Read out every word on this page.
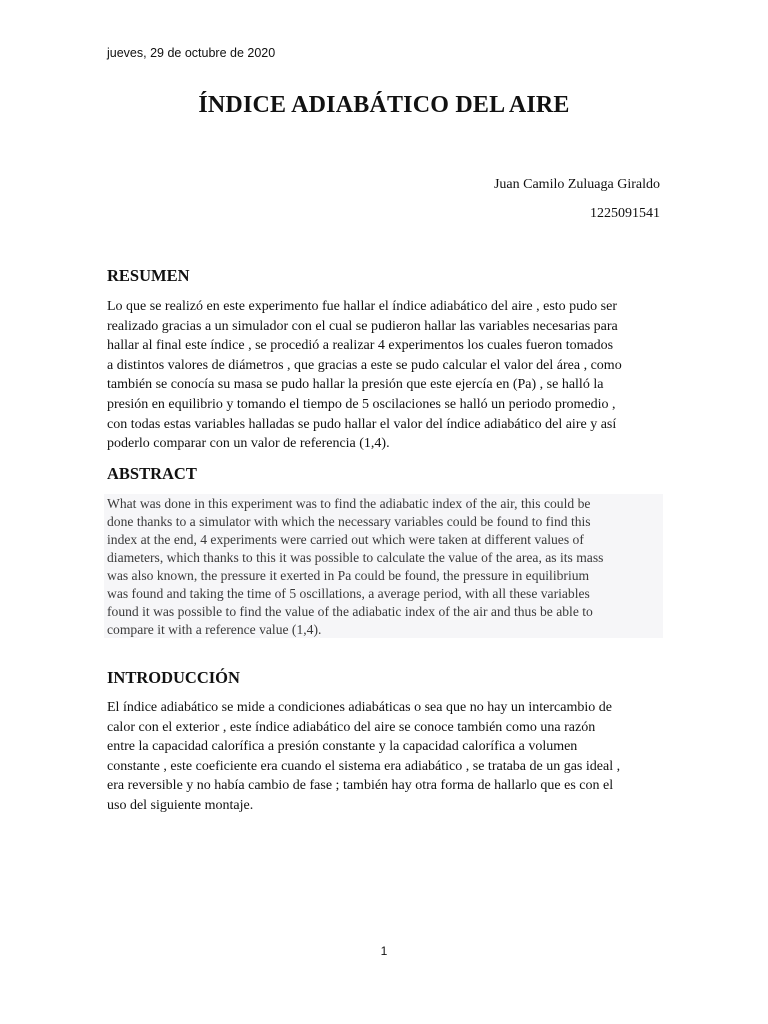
jueves, 29 de octubre de 2020
ÍNDICE ADIABÁTICO DEL AIRE
Juan Camilo Zuluaga Giraldo
1225091541
RESUMEN
Lo que se realizó en este experimento fue hallar el índice adiabático del aire , esto pudo ser
realizado gracias a un simulador con el cual se pudieron hallar las variables necesarias para
hallar al final este índice , se procedió a realizar 4 experimentos los cuales fueron tomados
a distintos valores de diámetros , que gracias a este se pudo calcular el valor del área , como
también se conocía su masa se pudo hallar la presión que este ejercía en (Pa) , se halló la
presión en equilibrio y tomando el tiempo de 5 oscilaciones se halló un periodo promedio ,
con todas estas variables halladas se pudo hallar el valor del índice adiabático del aire y así
poderlo comparar con un valor de referencia (1,4).
ABSTRACT
What was done in this experiment was to find the adiabatic index of the air, this could be
done thanks to a simulator with which the necessary variables could be found to find this
index at the end, 4 experiments were carried out which were taken at different values of
diameters, which thanks to this it was possible to calculate the value of the area, as its mass
was also known, the pressure it exerted in Pa could be found, the pressure in equilibrium
was found and taking the time of 5 oscillations, a average period, with all these variables
found it was possible to find the value of the adiabatic index of the air and thus be able to
compare it with a reference value (1,4).
INTRODUCCIÓN
El índice adiabático se mide a condiciones adiabáticas o sea que no hay un intercambio de
calor con el exterior , este índice adiabático del aire se conoce también como una razón
entre la capacidad calorífica a presión constante y la capacidad calorífica a volumen
constante , este coeficiente era cuando el sistema era adiabático , se trataba de un gas ideal ,
era reversible y no había cambio de fase ; también hay otra forma de hallarlo que es con el
uso del siguiente montaje.
1
